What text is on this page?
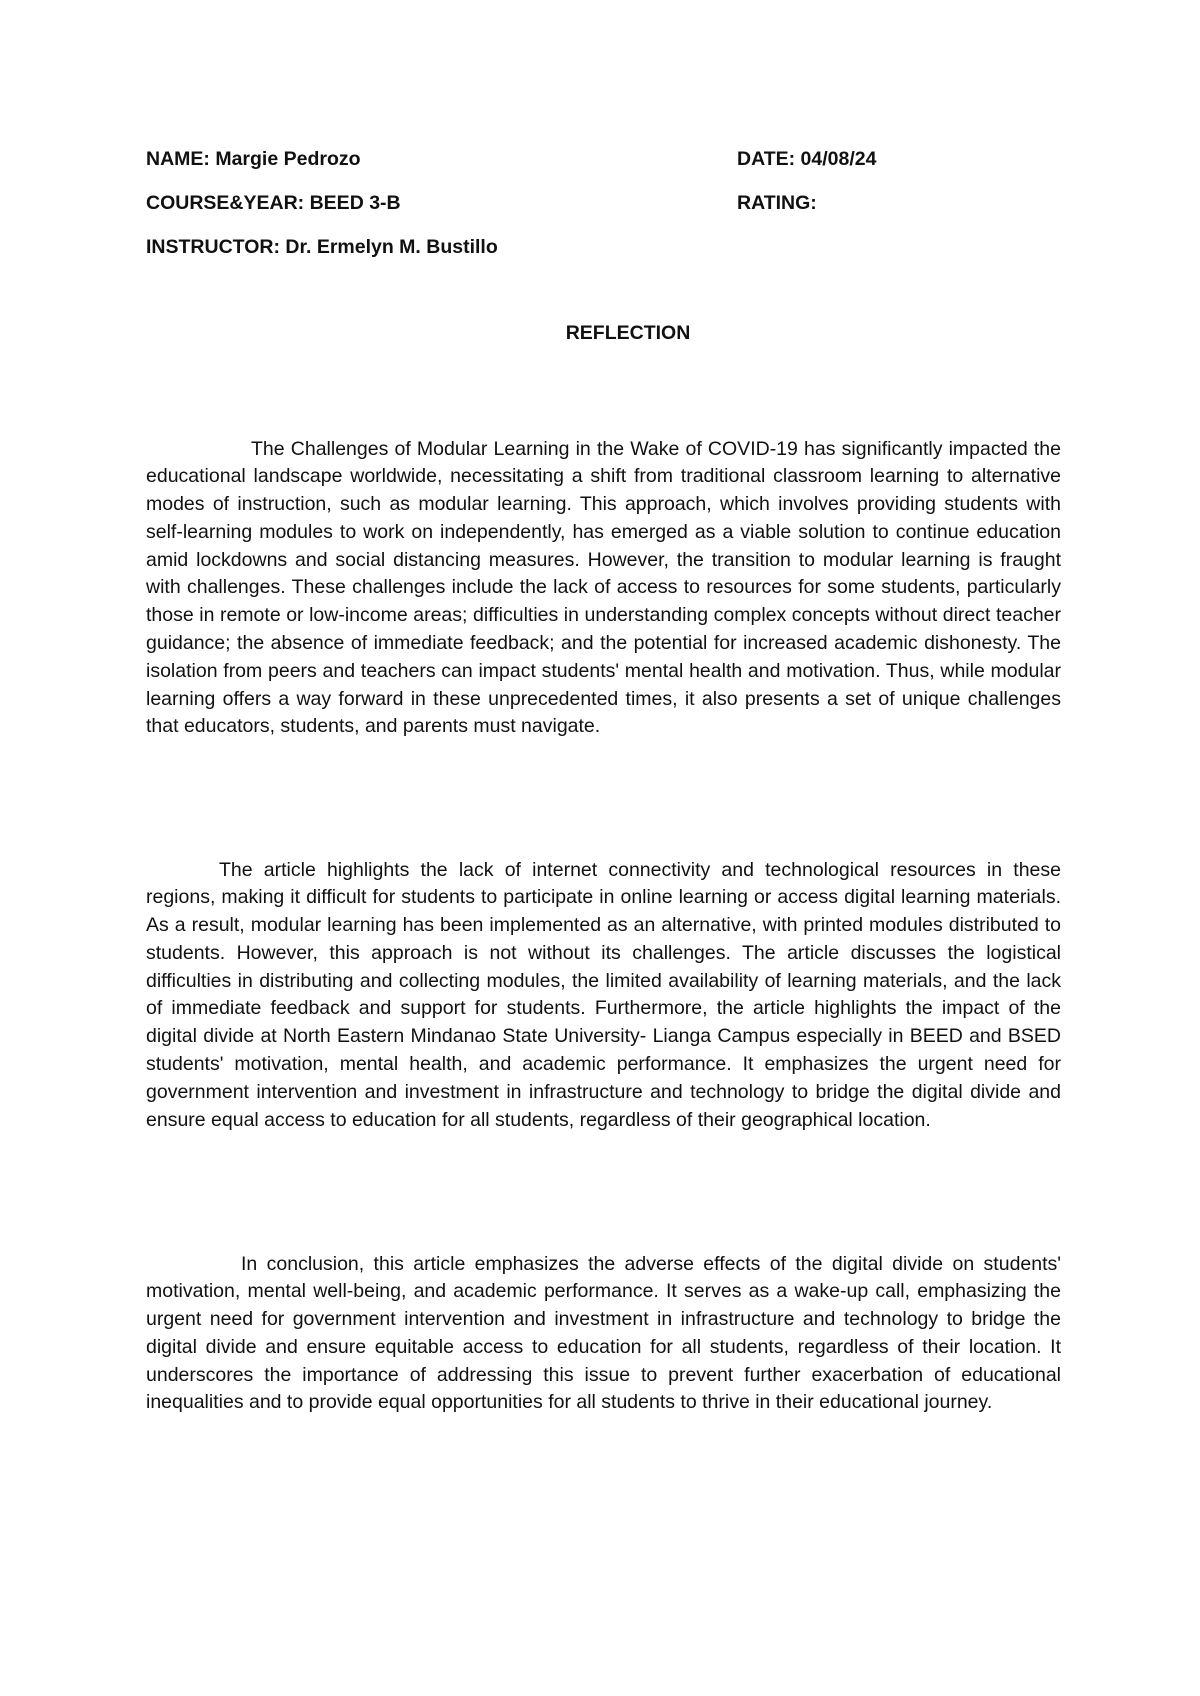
NAME: Margie Pedrozo	DATE: 04/08/24
COURSE&YEAR: BEED 3-B	RATING:
INSTRUCTOR: Dr. Ermelyn M. Bustillo
REFLECTION

The Challenges of Modular Learning in the Wake of COVID-19 has significantly impacted the educational landscape worldwide, necessitating a shift from traditional classroom learning to alternative modes of instruction, such as modular learning. This approach, which involves providing students with self-learning modules to work on independently, has emerged as a viable solution to continue education amid lockdowns and social distancing measures. However, the transition to modular learning is fraught with challenges. These challenges include the lack of access to resources for some students, particularly those in remote or low-income areas; difficulties in understanding complex concepts without direct teacher guidance; the absence of immediate feedback; and the potential for increased academic dishonesty. The isolation from peers and teachers can impact students' mental health and motivation. Thus, while modular learning offers a way forward in these unprecedented times, it also presents a set of unique challenges that educators, students, and parents must navigate.

The article highlights the lack of internet connectivity and technological resources in these regions, making it difficult for students to participate in online learning or access digital learning materials. As a result, modular learning has been implemented as an alternative, with printed modules distributed to students. However, this approach is not without its challenges. The article discusses the logistical difficulties in distributing and collecting modules, the limited availability of learning materials, and the lack of immediate feedback and support for students. Furthermore, the article highlights the impact of the digital divide at North Eastern Mindanao State University- Lianga Campus especially in BEED and BSED students' motivation, mental health, and academic performance. It emphasizes the urgent need for government intervention and investment in infrastructure and technology to bridge the digital divide and ensure equal access to education for all students, regardless of their geographical location.

In conclusion, this article emphasizes the adverse effects of the digital divide on students' motivation, mental well-being, and academic performance. It serves as a wake-up call, emphasizing the urgent need for government intervention and investment in infrastructure and technology to bridge the digital divide and ensure equitable access to education for all students, regardless of their location. It underscores the importance of addressing this issue to prevent further exacerbation of educational inequalities and to provide equal opportunities for all students to thrive in their educational journey.
